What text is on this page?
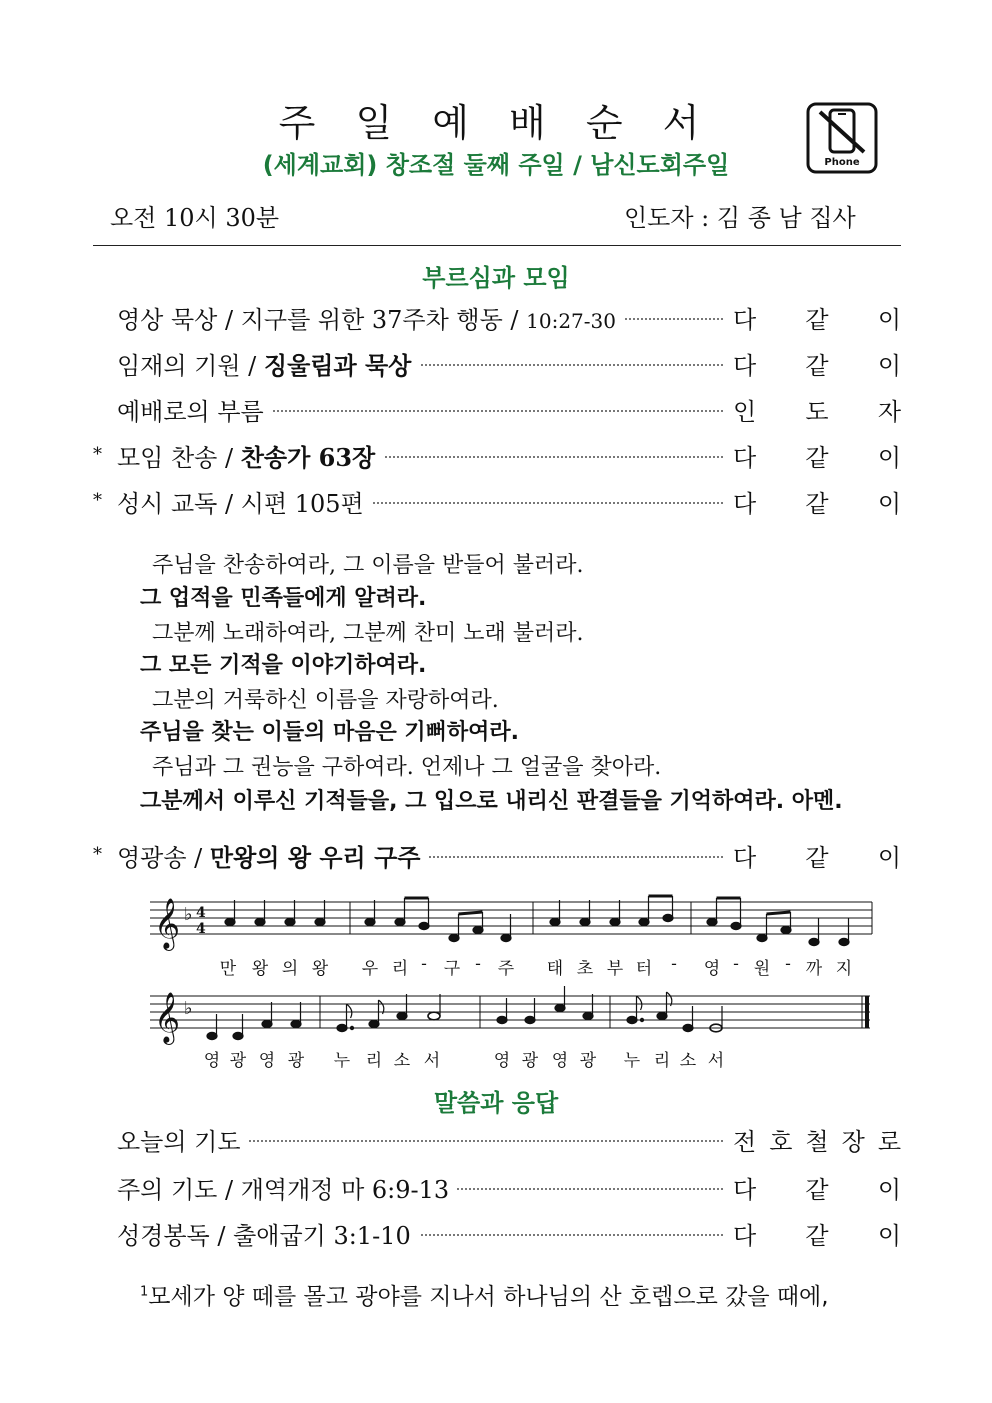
주 일 예 배 순 서
(세계교회) 창조절 둘째 주일 / 남신도회주일	Phone
오전 10시 30분	인도자 : 김 종 남 집사
부르심과 모임
영상 묵상 / 지구를 위한 37주차 행동 / 10:27-30	다 같 이
임재의 기원 / 징울림과 묵상	다 같 이
예배로의 부름	인 도 자
* 모임 찬송 / 찬송가 63장	다 같 이
* 성시 교독 / 시편 105편	다 같 이
주님을 찬송하여라, 그 이름을 받들어 불러라.
그 업적을 민족들에게 알려라.
그분께 노래하여라, 그분께 찬미 노래 불러라.
그 모든 기적을 이야기하여라.
그분의 거룩하신 이름을 자랑하여라.
주님을 찾는 이들의 마음은 기뻐하여라.
주님과 그 권능을 구하여라. 언제나 그 얼굴을 찾아라.
그분께서 이루신 기적들을, 그 입으로 내리신 판결들을 기억하여라. 아멘.
* 영광송 / 만왕의 왕 우리 구주	다 같 이
𝄞 ♭ 4
4
만 왕 의 왕 우 리 - 구 - 주 태 초 부 터	-	영 - 원 - 까 지
𝄞 ♭
영 광 영 광 누 리 소 서	영 광 영 광 누 리 소 서
말씀과 응답
오늘의 기도	전 호 철 장 로
주의 기도 / 개역개정 마 6:9-13	다 같 이
성경봉독 / 출애굽기 3:1-10	다 같 이
$^1$모세가 양 떼를 몰고 광야를 지나서 하나님의 산 호렙으로 갔을 때에,
